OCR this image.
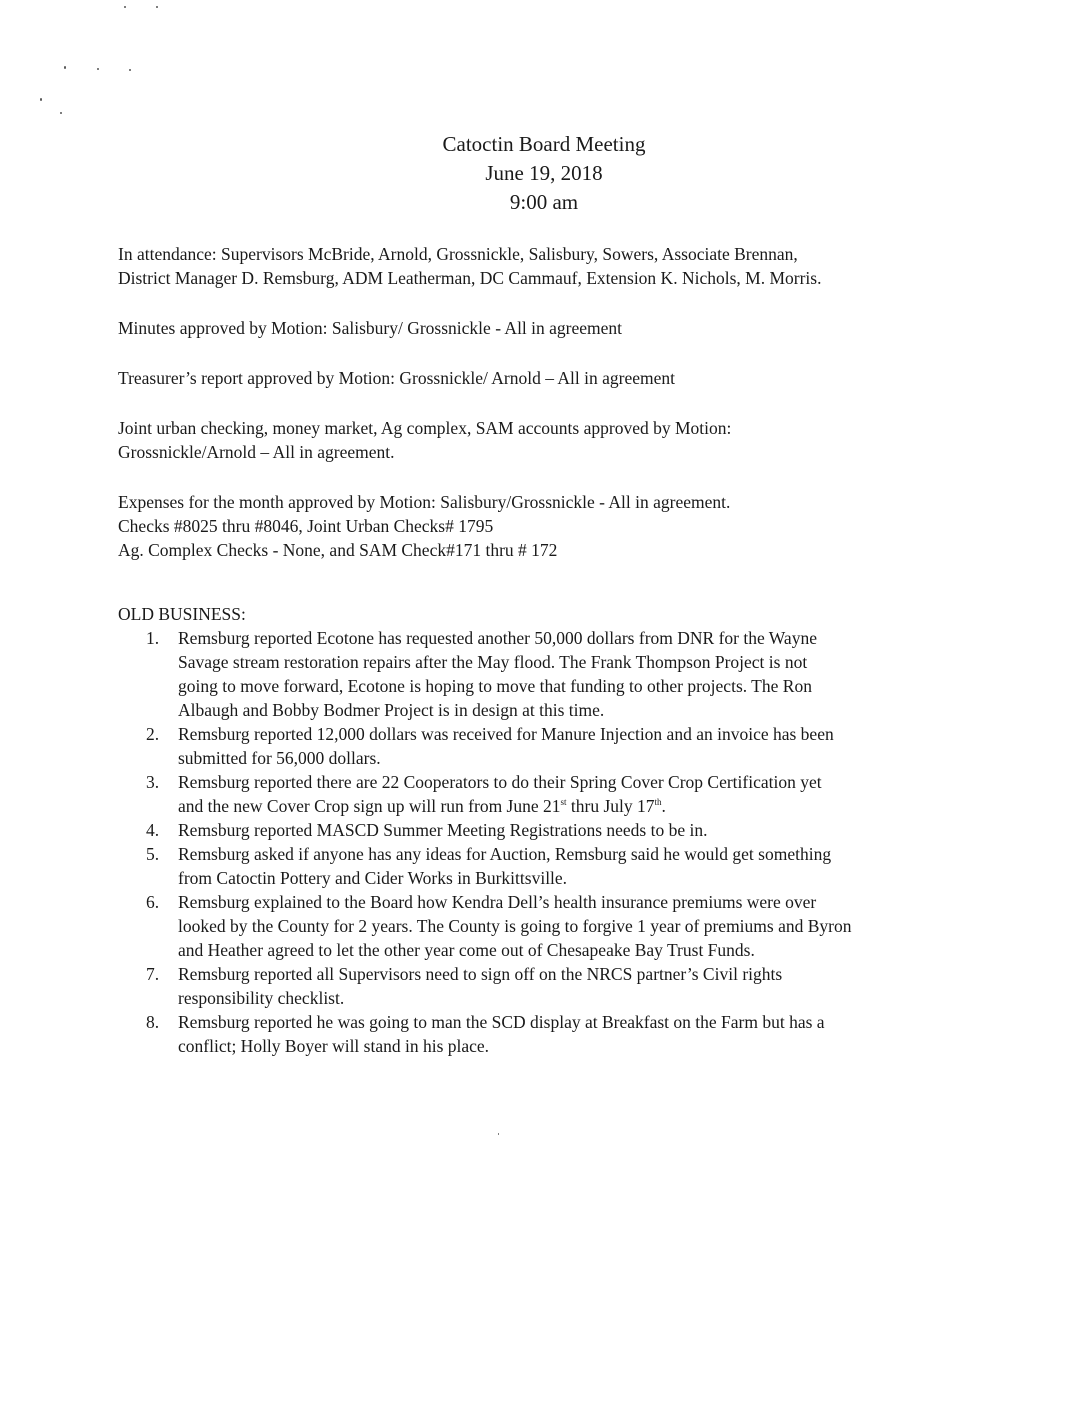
Catoctin Board Meeting
June 19, 2018
9:00 am
In attendance: Supervisors McBride, Arnold, Grossnickle, Salisbury, Sowers, Associate Brennan,
District Manager D. Remsburg, ADM Leatherman, DC Cammauf, Extension K. Nichols, M. Morris.
Minutes approved by Motion: Salisbury/ Grossnickle - All in agreement
Treasurer’s report approved by Motion: Grossnickle/ Arnold – All in agreement
Joint urban checking, money market, Ag complex, SAM accounts approved by Motion:
Grossnickle/Arnold – All in agreement.
Expenses for the month approved by Motion: Salisbury/Grossnickle - All in agreement.
Checks #8025 thru #8046, Joint Urban Checks# 1795
Ag. Complex Checks - None, and SAM Check#171 thru # 172
OLD BUSINESS:
1. Remsburg reported Ecotone has requested another 50,000 dollars from DNR for the Wayne
Savage stream restoration repairs after the May flood. The Frank Thompson Project is not
going to move forward, Ecotone is hoping to move that funding to other projects. The Ron
Albaugh and Bobby Bodmer Project is in design at this time.
2. Remsburg reported 12,000 dollars was received for Manure Injection and an invoice has been
submitted for 56,000 dollars.
3. Remsburg reported there are 22 Cooperators to do their Spring Cover Crop Certification yet
and the new Cover Crop sign up will run from June 21st thru July 17th.
4. Remsburg reported MASCD Summer Meeting Registrations needs to be in.
5. Remsburg asked if anyone has any ideas for Auction, Remsburg said he would get something
from Catoctin Pottery and Cider Works in Burkittsville.
6. Remsburg explained to the Board how Kendra Dell’s health insurance premiums were over
looked by the County for 2 years. The County is going to forgive 1 year of premiums and Byron
and Heather agreed to let the other year come out of Chesapeake Bay Trust Funds.
7. Remsburg reported all Supervisors need to sign off on the NRCS partner’s Civil rights
responsibility checklist.
8. Remsburg reported he was going to man the SCD display at Breakfast on the Farm but has a
conflict; Holly Boyer will stand in his place.
